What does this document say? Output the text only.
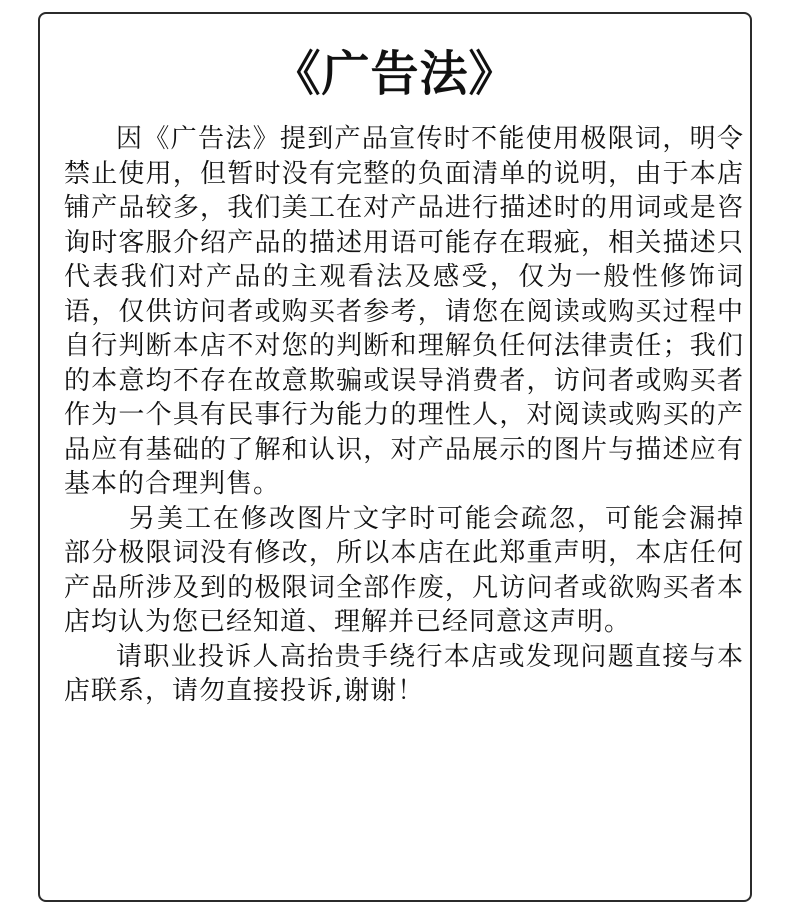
《广告法》

因《广告法》提到产品宣传时不能使用极限词，明令禁止使用，但暂时没有完整的负面清单的说明，由于本店铺产品较多，我们美工在对产品进行描述时的用词或是咨询时客服介绍产品的描述用语可能存在瑕疵，相关描述只代表我们对产品的主观看法及感受，仅为一般性修饰词语，仅供访问者或购买者参考，请您在阅读或购买过程中自行判断本店不对您的判断和理解负任何法律责任；我们的本意均不存在故意欺骗或误导消费者，访问者或购买者作为一个具有民事行为能力的理性人，对阅读或购买的产品应有基础的了解和认识，对产品展示的图片与描述应有基本的合理判售。

另美工在修改图片文字时可能会疏忽，可能会漏掉部分极限词没有修改，所以本店在此郑重声明，本店任何产品所涉及到的极限词全部作废，凡访问者或欲购买者本店均认为您已经知道、理解并已经同意这声明。

请职业投诉人高抬贵手绕行本店或发现问题直接与本店联系，请勿直接投诉,谢谢！
